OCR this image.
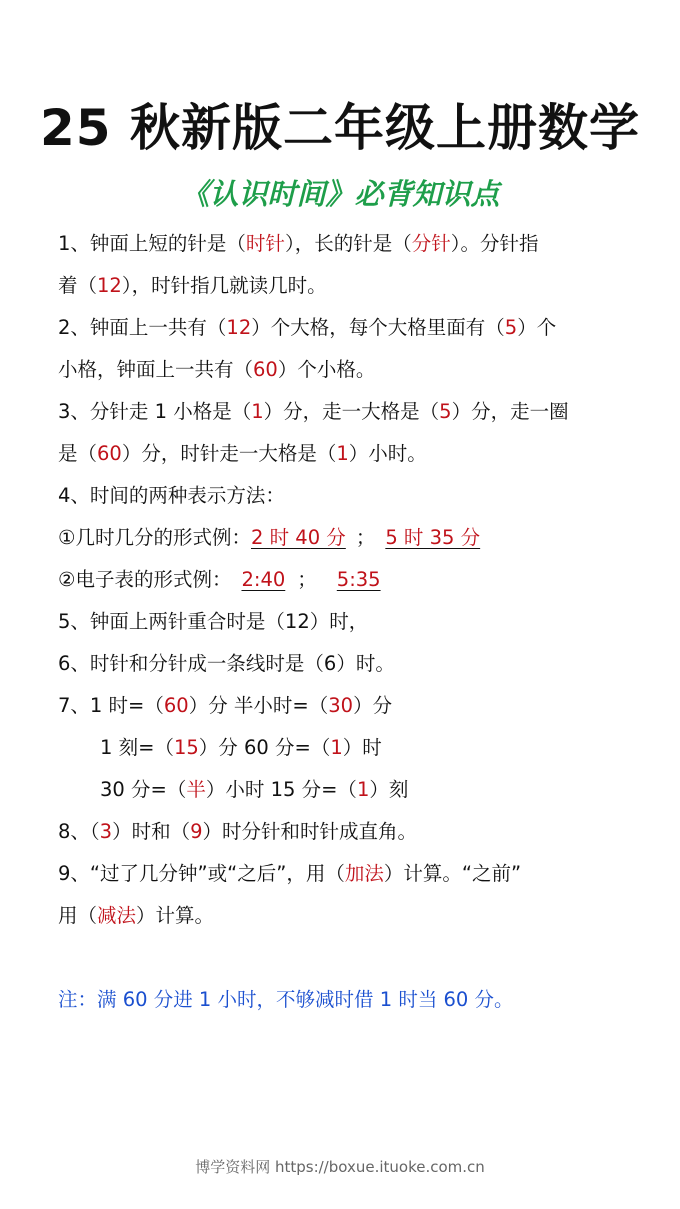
25 秋新版二年级上册数学
《认识时间》必背知识点
1、钟面上短的针是（时针），长的针是（分针）。分针指
着（12），时针指几就读几时。
2、钟面上一共有（12）个大格，每个大格里面有（5）个
小格，钟面上一共有（60）个小格。
3、分针走 1 小格是（1）分，走一大格是（5）分，走一圈
是（60）分，时针走一大格是（1）小时。
4、时间的两种表示方法：
①几时几分的形式例：2 时 40 分 ； 5 时 35 分
②电子表的形式例： 2:40 ； 5:35
5、钟面上两针重合时是（12）时，
6、时针和分针成一条线时是（6）时。
7、1 时=（60）分 半小时=（30）分
1 刻=（15）分 60 分=（1）时
30 分=（半）小时 15 分=（1）刻
8、（3）时和（9）时分针和时针成直角。
9、“过了几分钟”或“之后”，用（加法）计算。“之前”
用（减法）计算。
注：满 60 分进 1 小时，不够减时借 1 时当 60 分。
博学资料网 https://boxue.ituoke.com.cn
